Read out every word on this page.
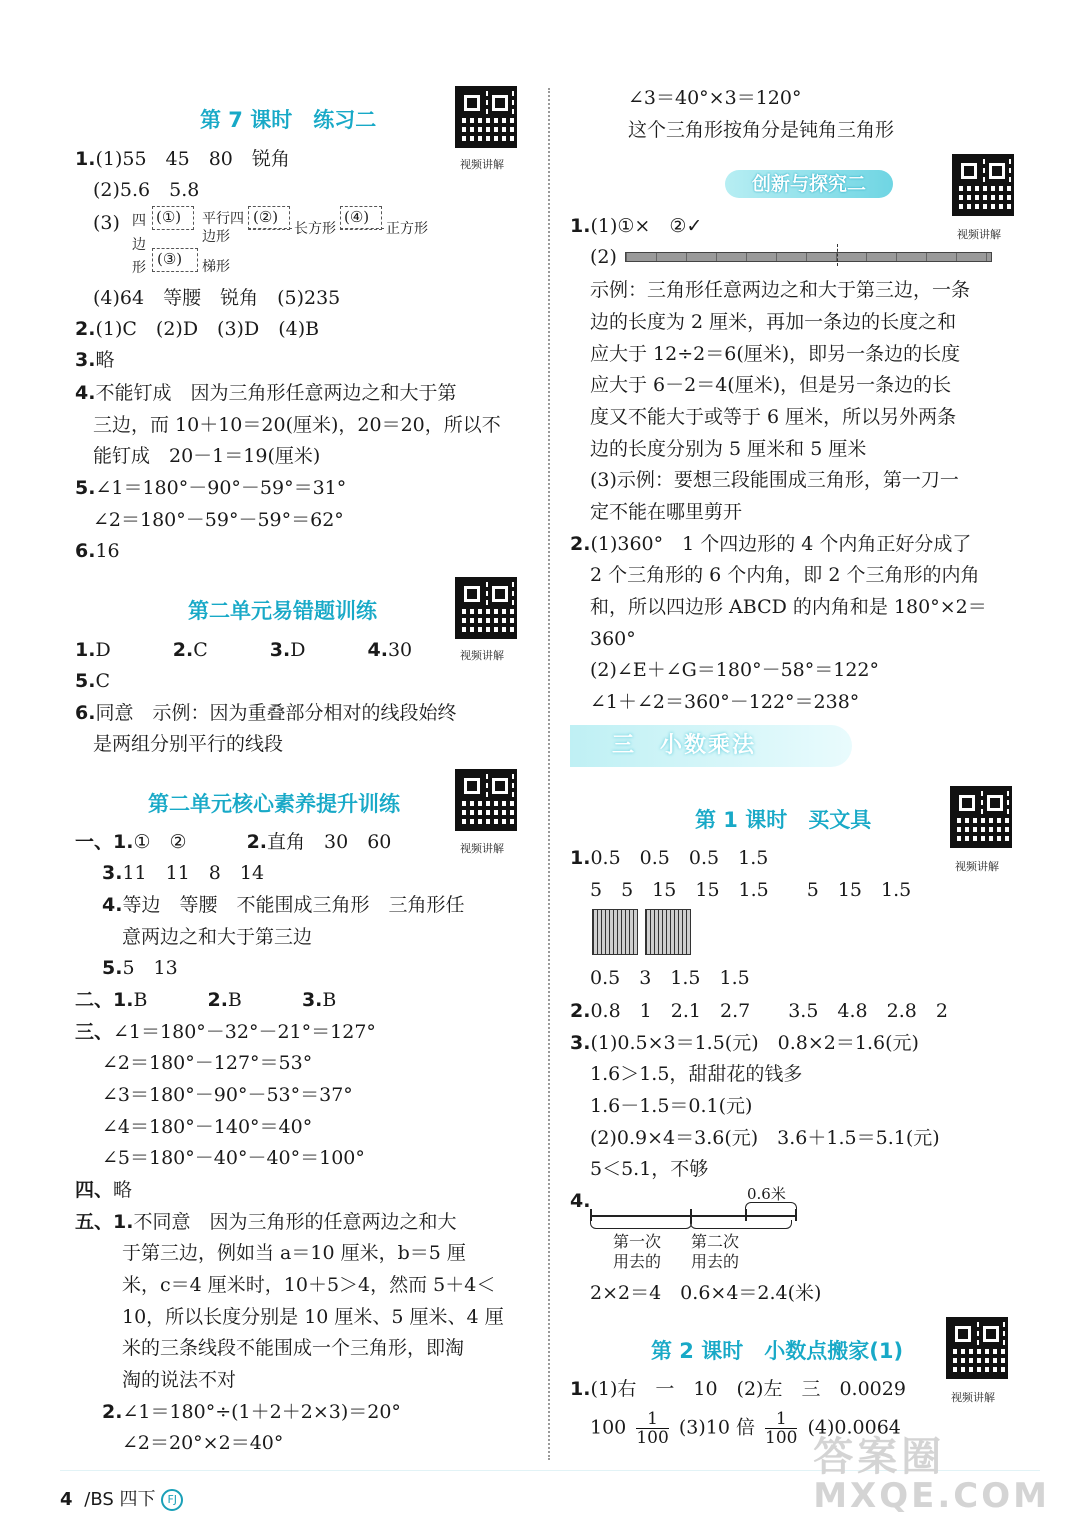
第 7 课时　练习二
1.(1)55　45　80　锐角
(2)5.6　5.8
(3) 四
边
形
(①) 平行四
边形
(②)
长方形
(④)
正方形
(③) 梯形
(4)64　等腰　锐角　(5)235
2.(1)C　(2)D　(3)D　(4)B
3.略
4.不能钉成　因为三角形任意两边之和大于第
三边，而 10＋10＝20(厘米)，20＝20，所以不
能钉成　20－1＝19(厘米)
5.∠1＝180°－90°－59°＝31°
∠2＝180°－59°－59°＝62°
6.16
视频讲解
第二单元易错题训练
视频讲解
1.D　　 2.C　　 3.D　　 4.30
5.C
6.同意　示例：因为重叠部分相对的线段始终
是两组分别平行的线段
第二单元核心素养提升训练
视频讲解
一、1.①　②　　 2.直角　30　60
3.11　11　8　14
4.等边　等腰　不能围成三角形　三角形任
意两边之和大于第三边
5.5　13
二、1.B　　 2.B　　 3.B
三、∠1＝180°－32°－21°＝127°
∠2＝180°－127°＝53°
∠3＝180°－90°－53°＝37°
∠4＝180°－140°＝40°
∠5＝180°－40°－40°＝100°
四、略
五、1.不同意　因为三角形的任意两边之和大
于第三边，例如当 a＝10 厘米，b＝5 厘
米，c＝4 厘米时，10＋5＞4，然而 5＋4＜
10，所以长度分别是 10 厘米、5 厘米、4 厘
米的三条线段不能围成一个三角形，即淘
淘的说法不对
2.∠1＝180°÷(1＋2＋2×3)＝20°
∠2＝20°×2＝40°
∠3＝40°×3＝120°
这个三角形按角分是钝角三角形
创新与探究二
视频讲解
1.(1)①×　②✓
(2)
示例：三角形任意两边之和大于第三边，一条
边的长度为 2 厘米，再加一条边的长度之和
应大于 12÷2＝6(厘米)，即另一条边的长度
应大于 6－2＝4(厘米)，但是另一条边的长
度又不能大于或等于 6 厘米，所以另外两条
边的长度分别为 5 厘米和 5 厘米
(3)示例：要想三段能围成三角形，第一刀一
定不能在哪里剪开
2.(1)360°　1 个四边形的 4 个内角正好分成了
2 个三角形的 6 个内角，即 2 个三角形的内角
和，所以四边形 ABCD 的内角和是 180°×2＝
360°
(2)∠E＋∠G＝180°－58°＝122°
∠1＋∠2＝360°－122°＝238°
三　小数乘法
第 1 课时　买文具
视频讲解
1.0.5　0.5　0.5　1.5
5　5　15　15　1.5　　5　15　1.5
0.5　3　1.5　1.5
2.0.8　1　2.1　2.7　　3.5　4.8　2.8　2
3.(1)0.5×3＝1.5(元)　0.8×2＝1.6(元)
1.6＞1.5，甜甜花的钱多
1.6－1.5＝0.1(元)
(2)0.9×4＝3.6(元)　3.6＋1.5＝5.1(元)
5＜5.1，不够
4.	0.6米
第一次
用去的
第二次
用去的
2×2＝4　0.6×4＝2.4(米)
第 2 课时　小数点搬家(1)
视频讲解
1.(1)右　一　10　(2)左　三　0.0029
$100 \frac{1}{100} (3)10$ 倍 $\frac{1}{100} (4)0.0064$
4 /BS 四下 FJ
答案圈
MXQE.COM
